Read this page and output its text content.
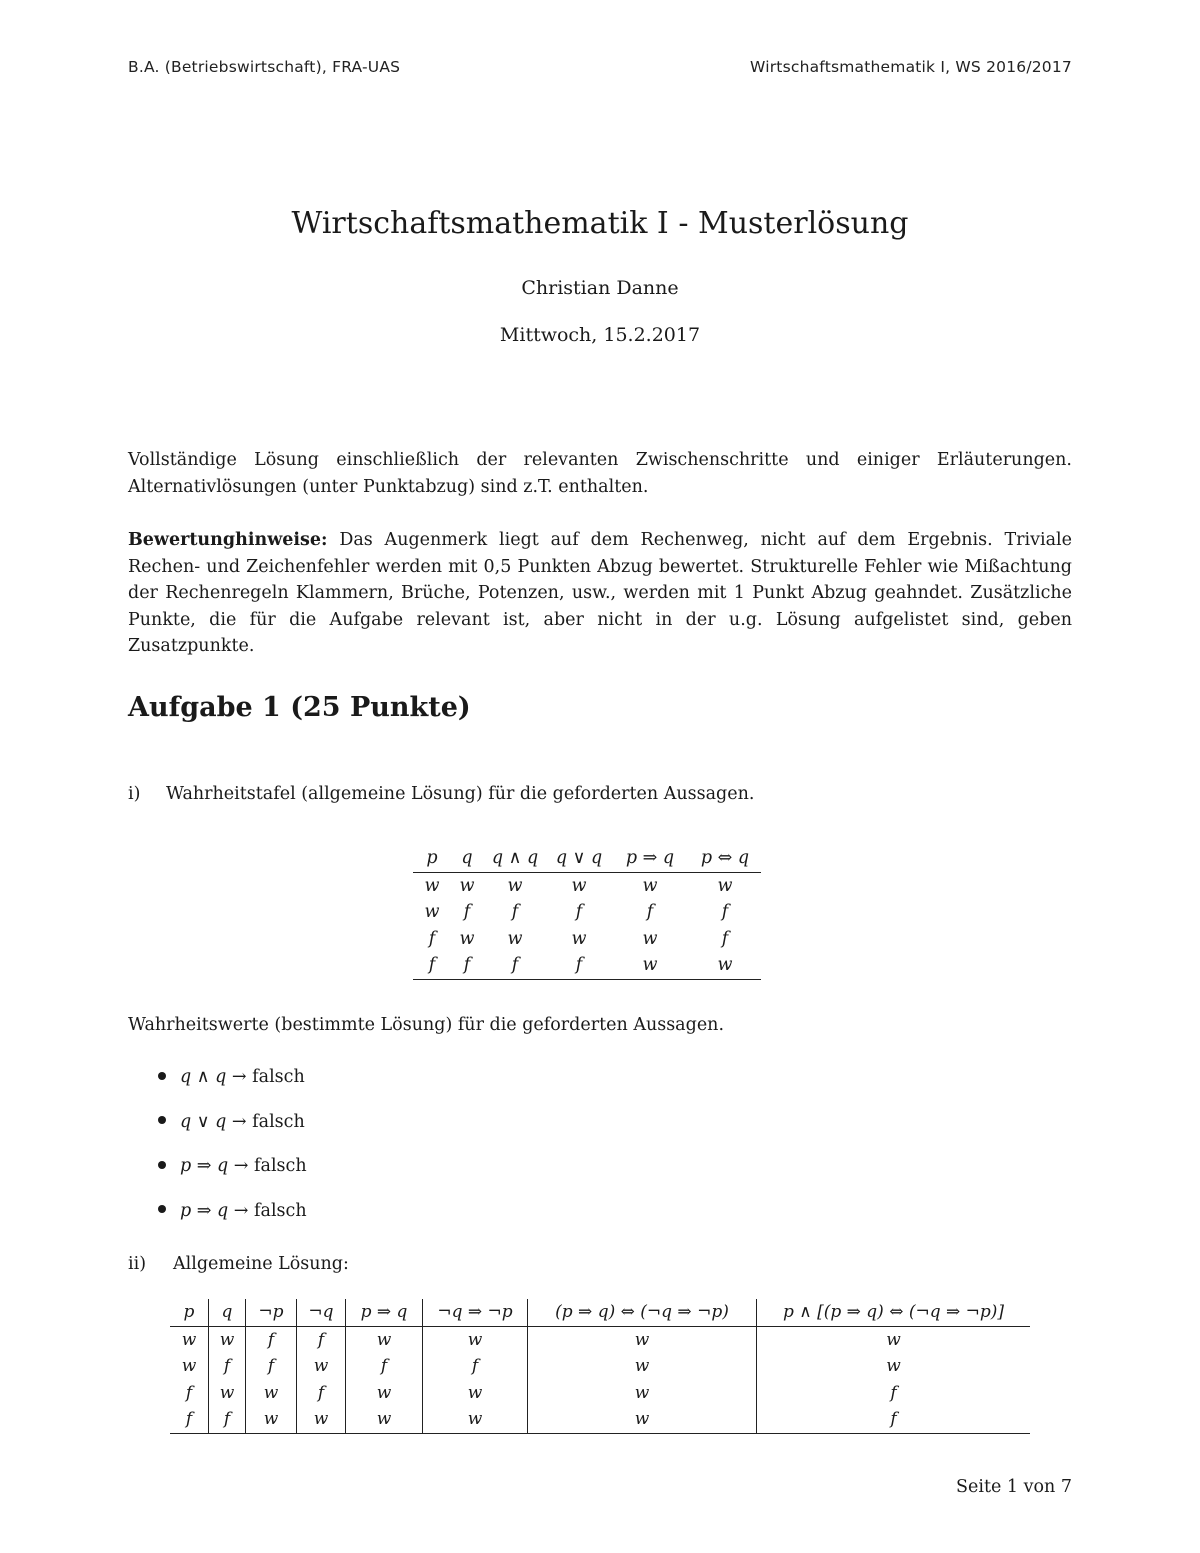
B.A. (Betriebswirtschaft), FRA-UAS	Wirtschaftsmathematik I, WS 2016/2017
Wirtschaftsmathematik I - Musterlösung
Christian Danne
Mittwoch, 15.2.2017

Vollständige Lösung einschließlich der relevanten Zwischenschritte und einiger Erläuterungen. Alternativlösungen (unter Punktabzug) sind z.T. enthalten.

Bewertunghinweise: Das Augenmerk liegt auf dem Rechenweg, nicht auf dem Ergebnis. Triviale Rechen- und Zeichenfehler werden mit 0,5 Punkten Abzug bewertet. Strukturelle Fehler wie Mißachtung der Rechenregeln Klammern, Brüche, Potenzen, usw., werden mit 1 Punkt Abzug geahndet. Zusätzliche Punkte, die für die Aufgabe relevant ist, aber nicht in der u.g. Lösung aufgelistet sind, geben Zusatzpunkte.

Aufgabe 1 (25 Punkte)
i) Wahrheitstafel (allgemeine Lösung) für die geforderten Aussagen.
p	q	q ∧ q	q ∨ q	p ⇒ q	p ⇔ q
w	w	w	w	w	w
w	f	f	f	f	f
f	w	w	w	w	f
f	f	f	f	w	w

Wahrheitswerte (bestimmte Lösung) für die geforderten Aussagen.

q ∧ q → falsch
q ∨ q → falsch
p ⇒ q → falsch
p ⇒ q → falsch
ii) Allgemeine Lösung:
p	q	¬p	¬q	p ⇒ q	¬q ⇒ ¬p	(p ⇒ q) ⇔ (¬q ⇒ ¬p)	p ∧ [(p ⇒ q) ⇔ (¬q ⇒ ¬p)]
w	w	f	f	w	w	w	w
w	f	f	w	f	f	w	w
f	w	w	f	w	w	w	f
f	f	w	w	w	w	w	f
Seite 1 von 7
